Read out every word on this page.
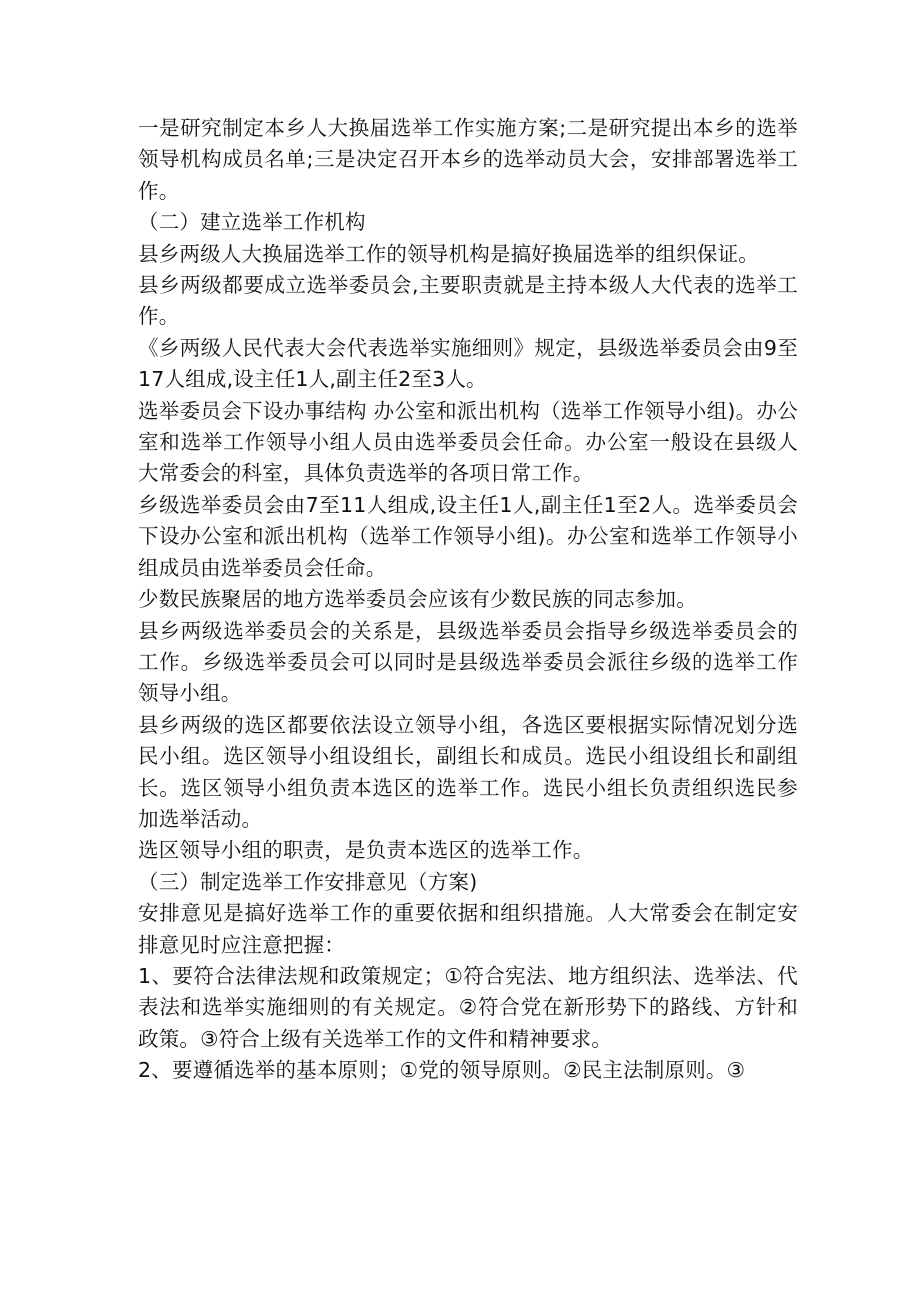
一是研究制定本乡人大换届选举工作实施方案;二是研究提出本乡的选举领导机构成员名单;三是决定召开本乡的选举动员大会，安排部署选举工作。

（二）建立选举工作机构

县乡两级人大换届选举工作的领导机构是搞好换届选举的组织保证。

县乡两级都要成立选举委员会,主要职责就是主持本级人大代表的选举工作。

《乡两级人民代表大会代表选举实施细则》规定，县级选举委员会由9至17人组成,设主任1人,副主任2至3人。

选举委员会下设办事结构 办公室和派出机构（选举工作领导小组)。办公室和选举工作领导小组人员由选举委员会任命。办公室一般设在县级人大常委会的科室，具体负责选举的各项日常工作。

乡级选举委员会由7至11人组成,设主任1人,副主任1至2人。选举委员会下设办公室和派出机构（选举工作领导小组)。办公室和选举工作领导小组成员由选举委员会任命。

少数民族聚居的地方选举委员会应该有少数民族的同志参加。

县乡两级选举委员会的关系是，县级选举委员会指导乡级选举委员会的工作。乡级选举委员会可以同时是县级选举委员会派往乡级的选举工作领导小组。

县乡两级的选区都要依法设立领导小组，各选区要根据实际情况划分选民小组。选区领导小组设组长，副组长和成员。选民小组设组长和副组长。选区领导小组负责本选区的选举工作。选民小组长负责组织选民参加选举活动。

选区领导小组的职责，是负责本选区的选举工作。

（三）制定选举工作安排意见（方案)

安排意见是搞好选举工作的重要依据和组织措施。人大常委会在制定安排意见时应注意把握：

1、要符合法律法规和政策规定；①符合宪法、地方组织法、选举法、代表法和选举实施细则的有关规定。②符合党在新形势下的路线、方针和政策。③符合上级有关选举工作的文件和精神要求。

2、要遵循选举的基本原则；①党的领导原则。②民主法制原则。③
